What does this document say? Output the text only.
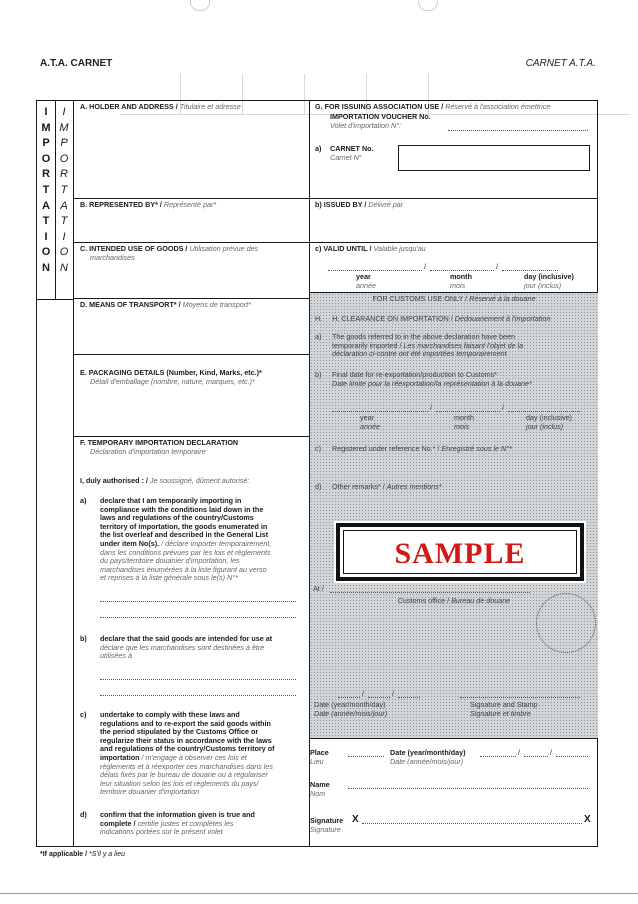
A.T.A. CARNET	CARNET A.T.A.
I
M
P
O
R
T
A
T
I
O
N
I
M
P
O
R
T
A
T
I
O
N
A. HOLDER AND ADDRESS / Titulaire et adresse
B. REPRESENTED BY* / Représenté par*
C. INTENDED USE OF GOODS / Utilisation prévue des
marchandises
D. MEANS OF TRANSPORT* / Moyens de transport*
E. PACKAGING DETAILS (Number, Kind, Marks, etc.)*
Détail d'emballage (nombre, nature, marques, etc.)*
F. TEMPORARY IMPORTATION DECLARATION
Déclaration d'importation temporaire
I, duly authorised : / Je soussigné, dûment autorisé:
a) declare that I am temporarily importing in
compliance with the conditions laid down in the
laws and regulations of the country/Customs
territory of importation, the goods enumerated in
the list overleaf and described in the General List
under item No(s). / déclare importer temporairement,
dans les conditions prévues par les lois et règlements
du pays/territoire douanier d'importation, les
marchandises énumérées à la liste figurant au verso
et reprises à la liste générale sous le(s) N°*
b) declare that the said goods are intended for use at
déclare que les marchandises sont destinées à être
utilisées à
c) undertake to comply with these laws and
regulations and to re-export the said goods within
the period stipulated by the Customs Office or
regularize their status in accordance with the laws
and regulations of the country/Customs territory of
importation / m'engage à observer ces lois et
règlements et à réexporter ces marchandises dans les
délais fixés par le bureau de douane ou à régulariser
leur situation selon les lois et règlements du pays/
territoire douanier d'importation
d) confirm that the information given is true and
complete / certifie justes et complètes les
indications portées sur le présent volet
G. FOR ISSUING ASSOCIATION USE / Réservé à l'association émettrice
IMPORTATION VOUCHER No.
Volet d'importation N°:
a) CARNET No.
Carnet N°
b) ISSUED BY / Délivré par
c) VALID UNTIL / Valable jusqu'au
/	/
year
année
month
mois
day (inclusive)
jour (inclus)
FOR CUSTOMS USE ONLY / Réservé à la douane
H. H. CLEARANCE ON IMPORTATION / Dédouanement à l'importation
a) The goods referred to in the above declaration have been
temporarily imported / Les marchandises faisant l'objet de la
déclaration ci-contre ont été importées temporairement
b) Final date for re-exportation/production to Customs*
Date limite pour la réexportation/la représentation à la douane*
/	/
year
année
month
mois
day (inclusive)
jour (inclus)
c) Registered under reference No.* / Enregistré sous le N°*
d) Other remarks* / Autres mentions*
SAMPLE
At /
Customs office / Bureau de douane
/	/
Date (year/month/day)
Date (année/mois/jour)
Signature and Stamp
Signature et timbre
Place
Lieu
Date (year/month/day)
Date (année/mois/jour)
/	/
Name
Nom
Signature
Signature
X	X
*If applicable / *S'il y a lieu
